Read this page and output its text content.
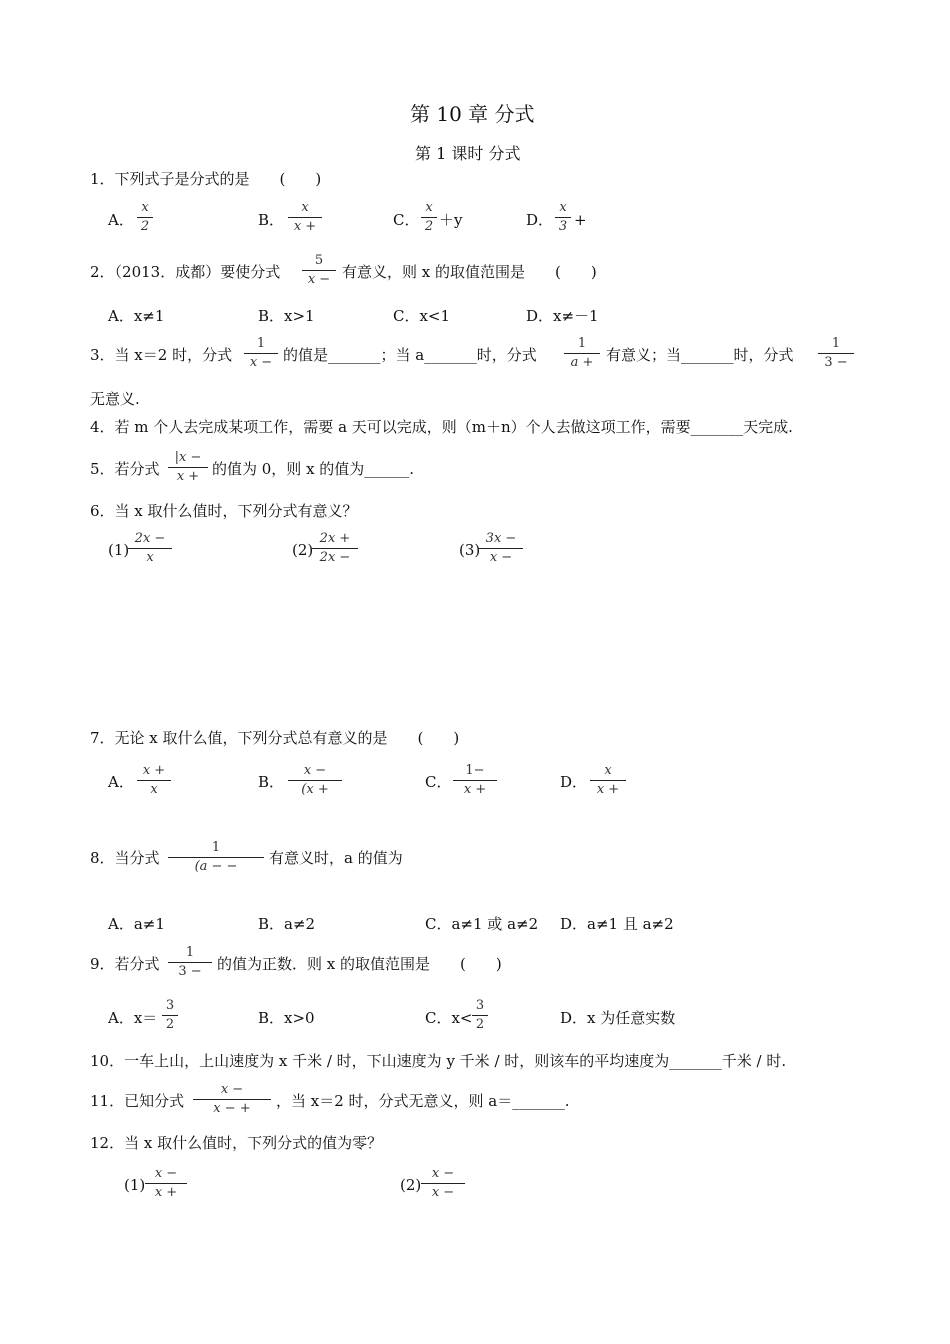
第 10 章 分式
第 1 课时 分式
1．下列式子是分式的是　　(　　)
A． $\frac{x}{2}$	B． $\frac{x}{x +}$	C． $\frac{x}{2} +y$	D． $\frac{x}{3}$ +
2．（2013．成都）要使分式 $\frac{5}{x -}$ 有意义，则 x 的取值范围是　　(　　)
A．x≠1	B．x>1	C．x<1	D．x≠－1
3．当 x＝2 时，分式 $\frac{1}{x -}$ 的值是_______；当 a_______时，分式 $\frac{1}{a +}$ 有意义；当_______时，分式 $\frac{1}{3 -}$
无意义.
4．若 m 个人去完成某项工作，需要 a 天可以完成，则（m＋n）个人去做这项工作，需要_______天完成.
5．若分式 $\frac{|x -}{x +}$ 的值为 0，则 x 的值为______.
6．当 x 取什么值时，下列分式有意义？
(1)
$\frac{2x -}{x}$	(2)
$\frac{2x +}{2x -}$	(3)
$\frac{3x -}{x -}$
7．无论 x 取什么值，下列分式总有意义的是　　(　　)
A． $\frac{x +}{x}$	B． $\frac{x -}{(x +}$	C． $\frac{1-}{x +}$	D． $\frac{x}{x +}$
8．当分式 $\frac{1}{(a - -}$ 有意义时，a 的值为
A．a≠1	B．a≠2	C．a≠1 或 a≠2 D．a≠1 且 a≠2
9．若分式 $\frac{1}{3 -}$ 的值为正数．则 x 的取值范围是　　(　　)
A．$x= \frac{3}{2}$	B．x>0	C．$x< \frac{3}{2}$	D．x 为任意实数
10．一车上山，上山速度为 x 千米 / 时，下山速度为 y 千米 / 时，则该车的平均速度为_______千米 / 时.
11．已知分式 $\frac{x -}{x - +}$ ，当 x＝2 时，分式无意义，则 a＝_______.
12．当 x 取什么值时，下列分式的值为零？
$(1) \frac{x -}{x +}$	$(2) \frac{x -}{x -}$
